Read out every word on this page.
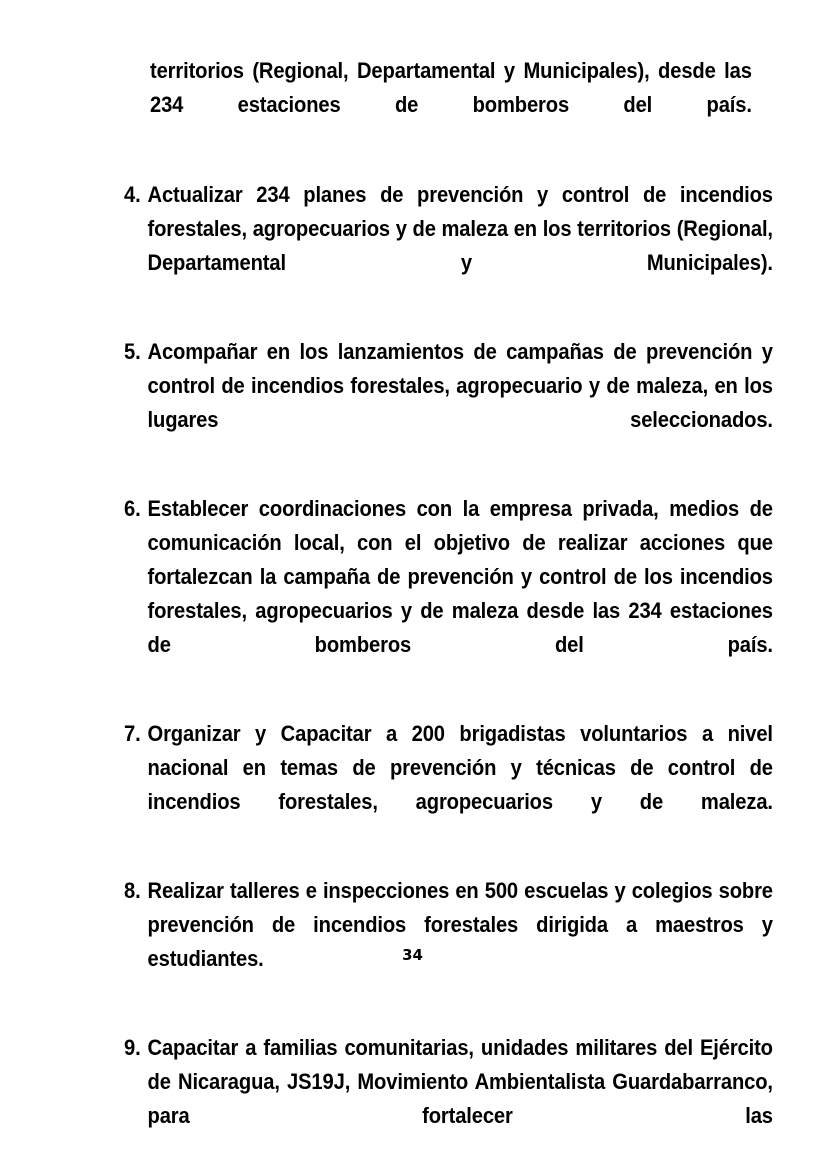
territorios (Regional, Departamental y Municipales), desde las 234 estaciones de bomberos del país.
4. Actualizar 234 planes de prevención y control de incendios forestales, agropecuarios y de maleza en los territorios (Regional, Departamental y Municipales).
5. Acompañar en los lanzamientos de campañas de prevención y control de incendios forestales, agropecuario y de maleza, en los lugares seleccionados.
6. Establecer coordinaciones con la empresa privada, medios de comunicación local, con el objetivo de realizar acciones que fortalezcan la campaña de prevención y control de los incendios forestales, agropecuarios y de maleza desde las 234 estaciones de bomberos del país.
7. Organizar y Capacitar a 200 brigadistas voluntarios a nivel nacional en temas de prevención y técnicas de control de incendios forestales, agropecuarios y de maleza.
8. Realizar talleres e inspecciones en 500 escuelas y colegios sobre prevención de incendios forestales dirigida a maestros y estudiantes.
9. Capacitar a familias comunitarias, unidades militares del Ejército de Nicaragua, JS19J, Movimiento Ambientalista Guardabarranco, para fortalecer las
34
